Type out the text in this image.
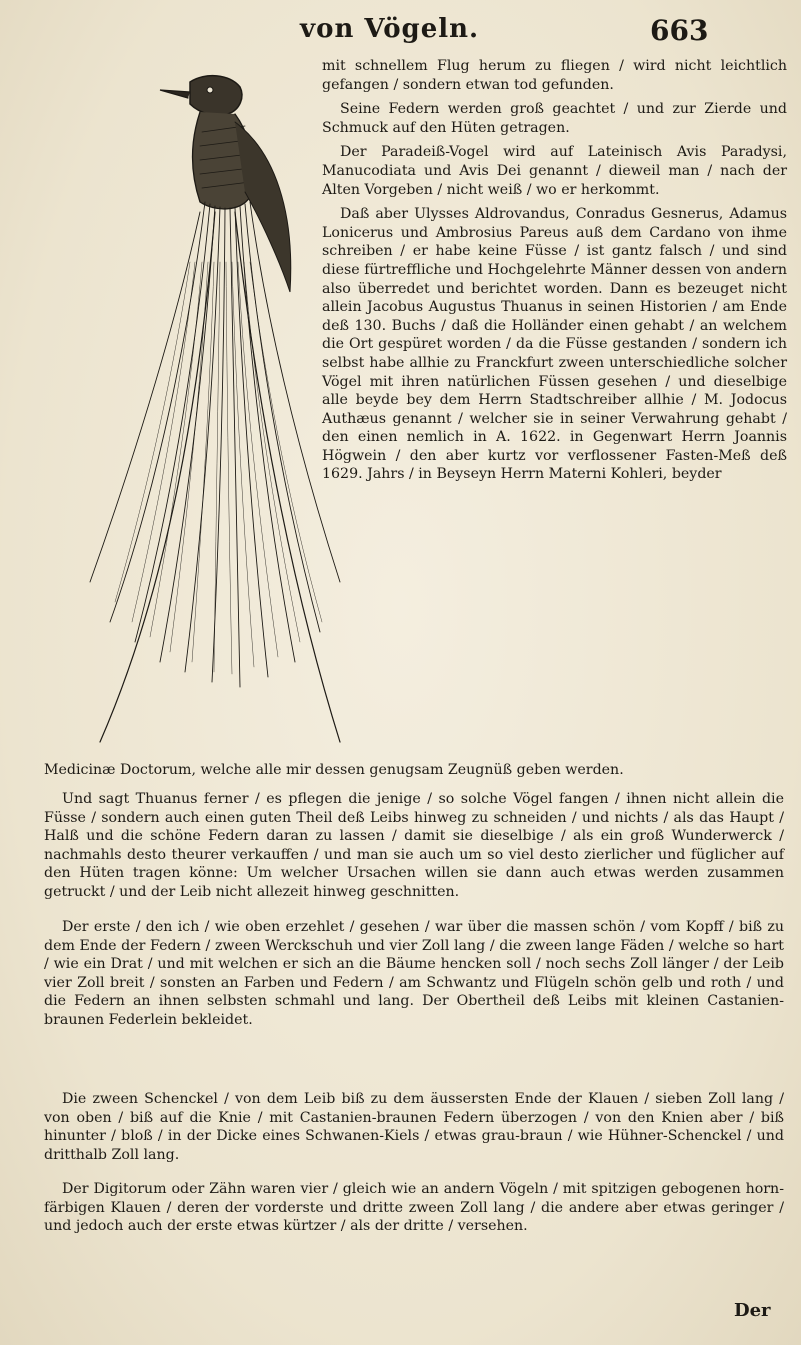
von Vögeln.	663

mit schnellem Flug herum zu fliegen / wird nicht leichtlich gefangen / sondern etwan tod gefunden.

Seine Federn werden groß geachtet / und zur Zierde und Schmuck auf den Hüten getragen.

Der Paradeiß-Vogel wird auf Lateinisch Avis Paradysi, Manucodiata und Avis Dei genannt / dieweil man / nach der Alten Vorgeben / nicht weiß / wo er herkommt.

Daß aber Ulysses Aldrovandus, Conradus Gesnerus, Adamus Lonicerus und Ambrosius Pareus auß dem Cardano von ihme schreiben / er habe keine Füsse / ist gantz falsch / und sind diese fürtreffliche und Hochgelehrte Männer dessen von andern also überredet und berichtet worden. Dann es bezeuget nicht allein Jacobus Augustus Thuanus in seinen Historien / am Ende deß 130. Buchs / daß die Holländer einen gehabt / an welchem die Ort gespüret worden / da die Füsse gestanden / sondern ich selbst habe allhie zu Franckfurt zween unterschiedliche solcher Vögel mit ihren natürlichen Füssen gesehen / und dieselbige alle beyde bey dem Herrn Stadtschreiber allhie / M. Jodocus Authæus genannt / welcher sie in seiner Verwahrung gehabt / den einen nemlich in A. 1622. in Gegenwart Herrn Joannis Högwein / den aber kurtz vor verflossener Fasten-Meß deß 1629. Jahrs / in Beyseyn Herrn Materni Kohleri, beyder

Medicinæ Doctorum, welche alle mir dessen genugsam Zeugnüß geben werden.

Und sagt Thuanus ferner / es pflegen die jenige / so solche Vögel fangen / ihnen nicht allein die Füsse / sondern auch einen guten Theil deß Leibs hinweg zu schneiden / und nichts / als das Haupt / Halß und die schöne Federn daran zu lassen / damit sie dieselbige / als ein groß Wunderwerck / nachmahls desto theurer verkauffen / und man sie auch um so viel desto zierlicher und füglicher auf den Hüten tragen könne: Um welcher Ursachen willen sie dann auch etwas werden zusammen getruckt / und der Leib nicht allezeit hinweg geschnitten.

Der erste / den ich / wie oben erzehlet / gesehen / war über die massen schön / vom Kopff / biß zu dem Ende der Federn / zween Werckschuh und vier Zoll lang / die zween lange Fäden / welche so hart / wie ein Drat / und mit welchen er sich an die Bäume hencken soll / noch sechs Zoll länger / der Leib vier Zoll breit / sonsten an Farben und Federn / am Schwantz und Flügeln schön gelb und roth / und die Federn an ihnen selbsten schmahl und lang. Der Obertheil deß Leibs mit kleinen Castanien-braunen Federlein bekleidet.

Die zween Schenckel / von dem Leib biß zu dem äussersten Ende der Klauen / sieben Zoll lang / von oben / biß auf die Knie / mit Castanien-braunen Federn überzogen / von den Knien aber / biß hinunter / bloß / in der Dicke eines Schwanen-Kiels / etwas grau-braun / wie Hühner-Schenckel / und dritthalb Zoll lang.

Der Digitorum oder Zähn waren vier / gleich wie an andern Vögeln / mit spitzigen gebogenen horn-färbigen Klauen / deren der vorderste und dritte zween Zoll lang / die andere aber etwas geringer / und jedoch auch der erste etwas kürtzer / als der dritte / versehen.

Der
